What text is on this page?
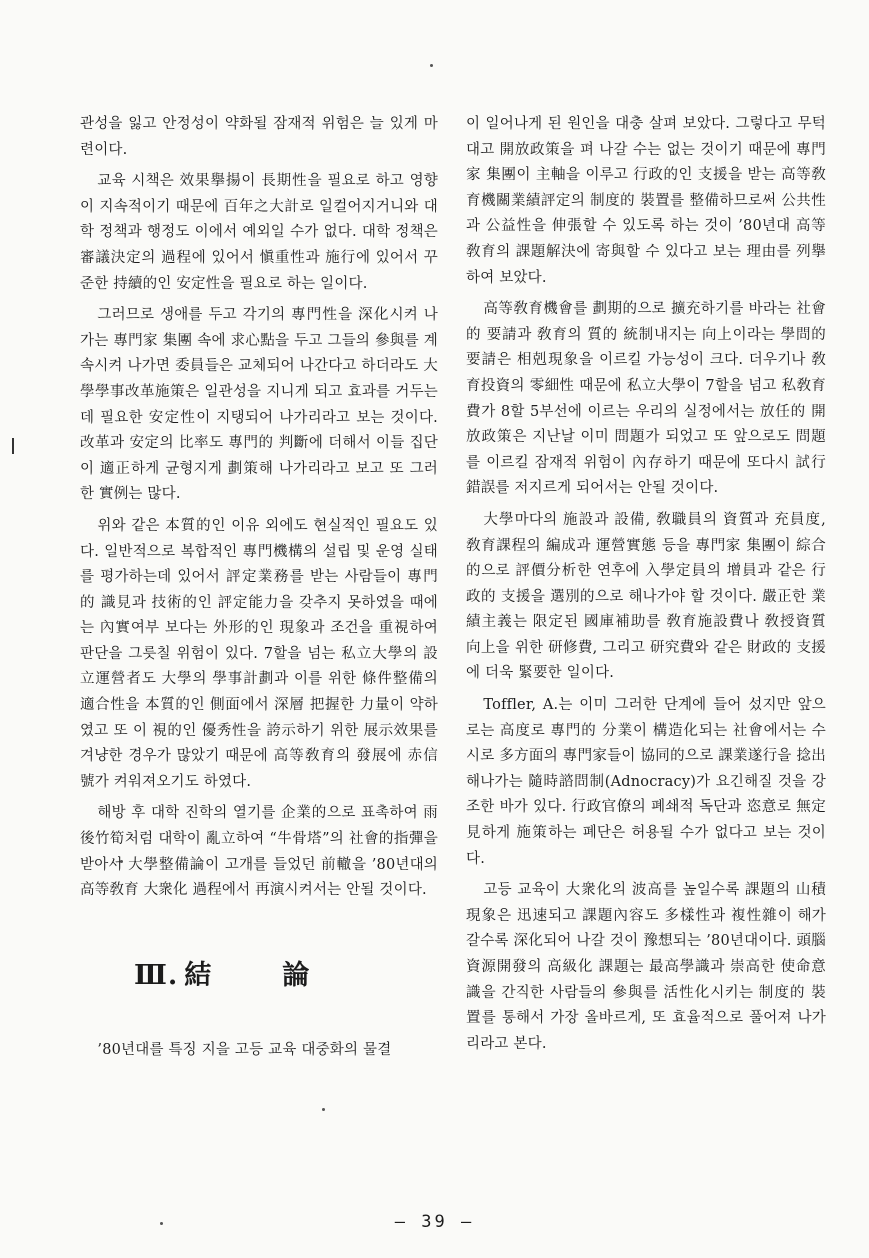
관성을 잃고 안정성이 약화될 잠재적 위험은 늘 있게 마련이다.

교육 시책은 效果擧揚이 長期性을 필요로 하고 영향이 지속적이기 때문에 百年之大計로 일컬어지거니와 대학 정책과 행정도 이에서 예외일 수가 없다. 대학 정책은 審議決定의 過程에 있어서 愼重性과 施行에 있어서 꾸준한 持續的인 安定性을 필요로 하는 일이다.

그러므로 생애를 두고 각기의 專門性을 深化시켜 나가는 專門家 集團 속에 求心點을 두고 그들의 參與를 계속시켜 나가면 委員들은 교체되어 나간다고 하더라도 大學學事改革施策은 일관성을 지니게 되고 효과를 거두는데 필요한 安定性이 지탱되어 나가리라고 보는 것이다. 改革과 安定의 比率도 專門的 判斷에 더해서 이들 집단이 適正하게 균형지게 劃策해 나가리라고 보고 또 그러한 實例는 많다.

위와 같은 本質的인 이유 외에도 현실적인 필요도 있다. 일반적으로 복합적인 專門機構의 설립 및 운영 실태를 평가하는데 있어서 評定業務를 받는 사람들이 專門的 識見과 技術的인 評定能力을 갖추지 못하였을 때에는 內實여부 보다는 外形的인 現象과 조건을 重視하여 판단을 그릇칠 위험이 있다. 7할을 넘는 私立大學의 設立運營者도 大學의 學事計劃과 이를 위한 條件整備의 適合性을 本質的인 側面에서 深層 把握한 力量이 약하였고 또 이 視的인 優秀性을 誇示하기 위한 展示效果를 겨냥한 경우가 많았기 때문에 高等敎育의 發展에 赤信號가 켜워져오기도 하였다.

해방 후 대학 진학의 열기를 企業的으로 표촉하여 雨後竹筍처럼 대학이 亂立하여 “牛骨塔”의 社會的指彈을 받아서 大學整備論이 고개를 들었던 前轍을 ’80년대의 高等敎育 大衆化 過程에서 再演시켜서는 안될 것이다.

Ⅲ. 結	論

’80년대를 특징 지을 고등 교육 대중화의 물결

이 일어나게 된 원인을 대충 살펴 보았다. 그렇다고 무턱대고 開放政策을 펴 나갈 수는 없는 것이기 때문에 專門家 集團이 主軸을 이루고 行政的인 支援을 받는 高等敎育機關業績評定의 制度的 裝置를 整備하므로써 公共性과 公益性을 伸張할 수 있도록 하는 것이 ’80년대 高等敎育의 課題解決에 寄與할 수 있다고 보는 理由를 列擧하여 보았다.

高等敎育機會를 劃期的으로 擴充하기를 바라는 社會的 要請과 敎育의 質的 統制내지는 向上이라는 學問的 要請은 相剋現象을 이르킬 가능성이 크다. 더우기나 敎育投資의 零細性 때문에 私立大學이 7할을 넘고 私敎育費가 8할 5부선에 이르는 우리의 실정에서는 放任的 開放政策은 지난날 이미 問題가 되었고 또 앞으로도 問題를 이르킬 잠재적 위험이 內存하기 때문에 또다시 試行錯誤를 저지르게 되어서는 안될 것이다.

大學마다의 施設과 設備, 敎職員의 資質과 充員度, 敎育課程의 編成과 運營實態 등을 專門家 集團이 綜合的으로 評價分析한 연후에 入學定員의 增員과 같은 行政的 支援을 選別的으로 해나가야 할 것이다. 嚴正한 業績主義는 限定된 國庫補助를 敎育施設費나 敎授資質 向上을 위한 研修費, 그리고 研究費와 같은 財政的 支援에 더욱 緊要한 일이다.

Toffler, A.는 이미 그러한 단계에 들어 섰지만 앞으로는 高度로 專門的 分業이 構造化되는 社會에서는 수시로 多方面의 專門家들이 協同的으로 課業遂行을 捻出해나가는 隨時諮問制(Adnocracy)가 요긴해질 것을 강조한 바가 있다. 行政官僚의 폐쇄적 독단과 恣意로 無定見하게 施策하는 폐단은 허용될 수가 없다고 보는 것이다.

고등 교육이 大衆化의 波高를 높일수록 課題의 山積現象은 迅速되고 課題內容도 多樣性과 複性雜이 해가 갈수록 深化되어 나갈 것이 豫想되는 ’80년대이다. 頭腦資源開發의 高級化 課題는 最高學識과 崇高한 使命意識을 간직한 사람들의 參與를 活性化시키는 制度的 裝置를 통해서 가장 올바르게, 또 효율적으로 풀어져 나가리라고 본다.

— 39 —
